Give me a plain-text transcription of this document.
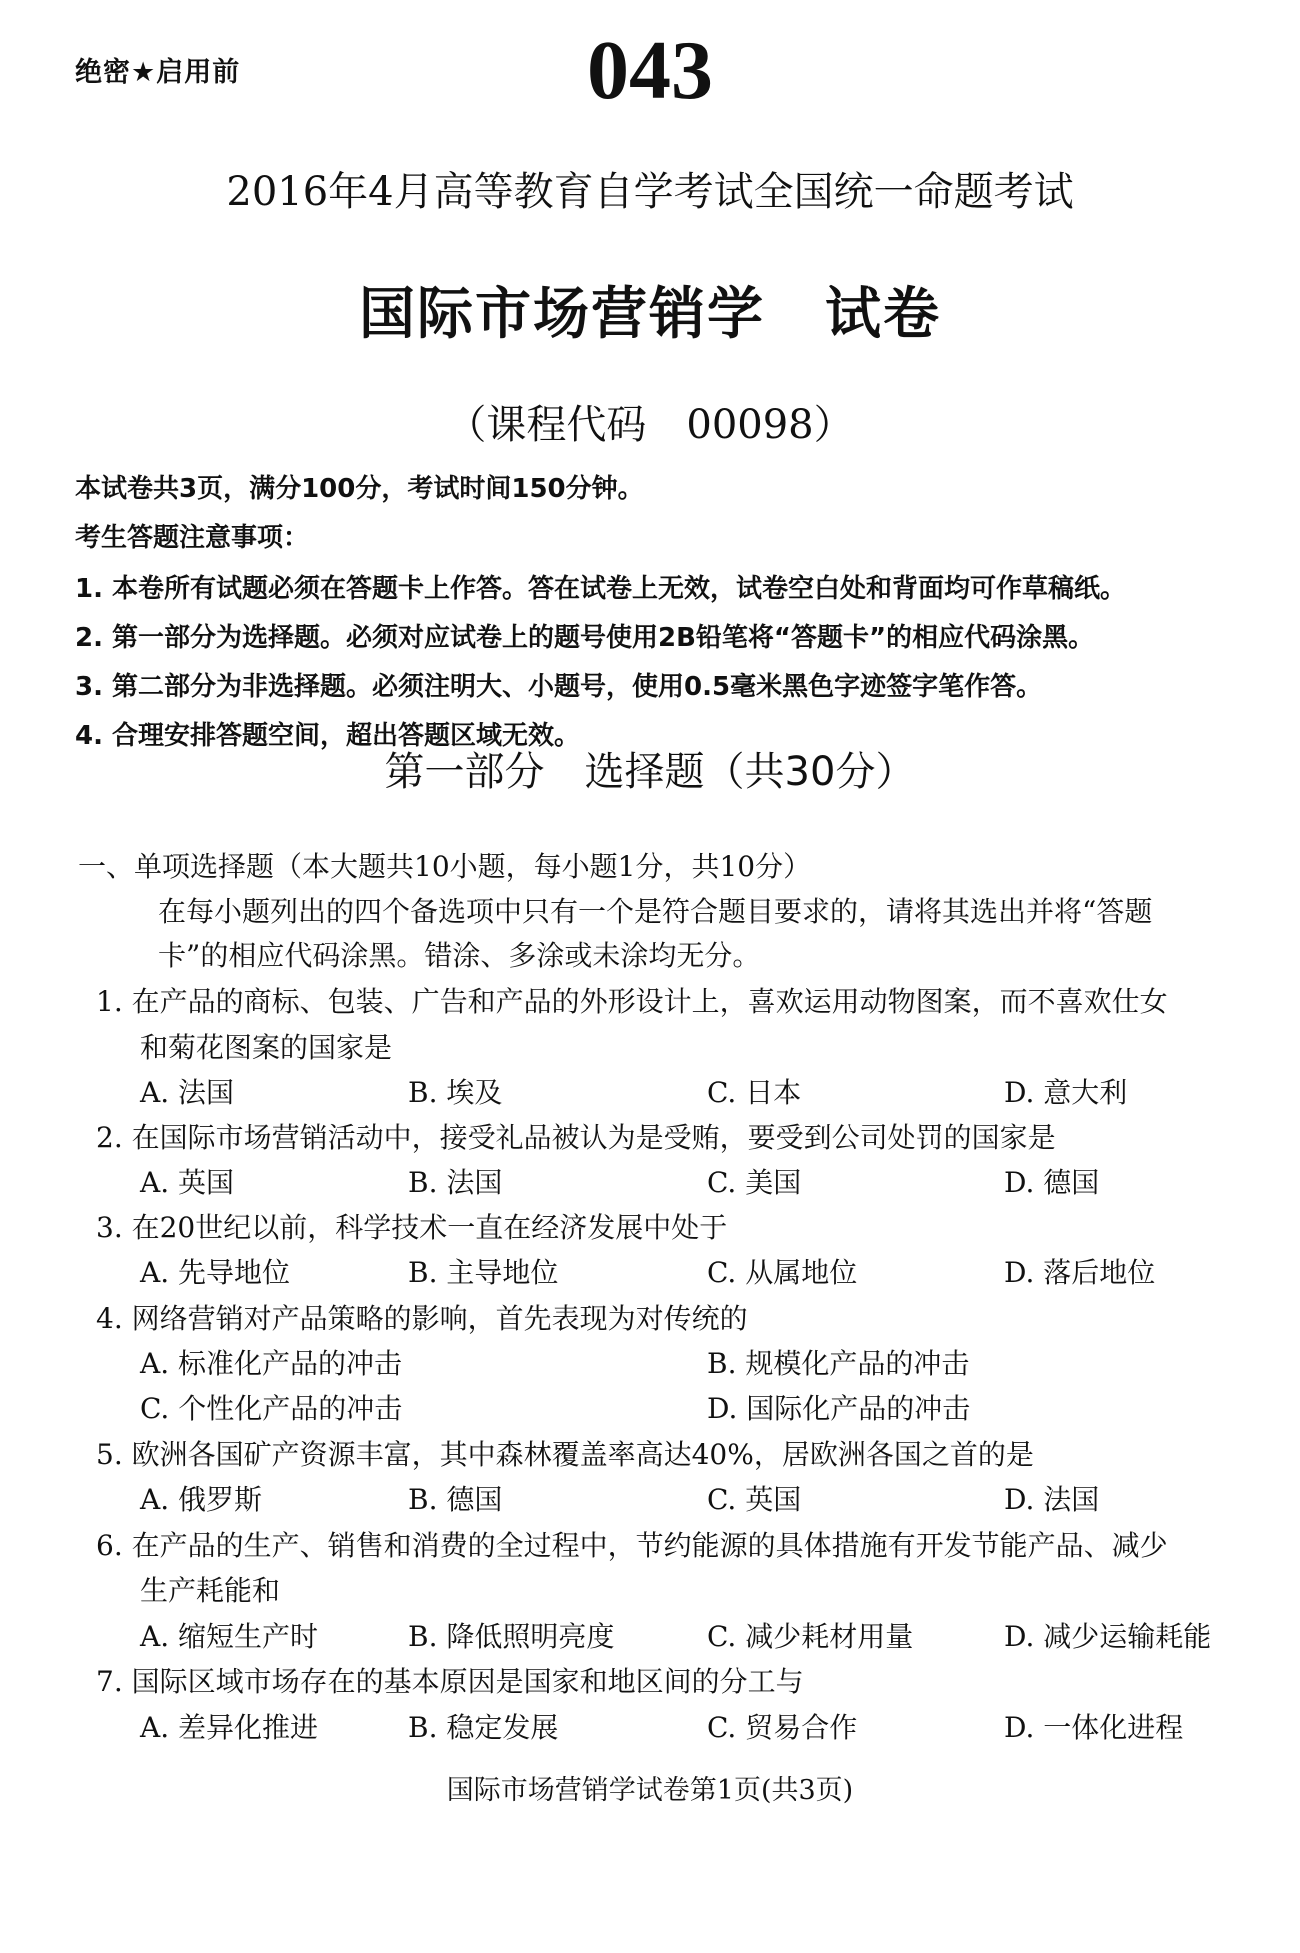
绝密★启用前	043
2016年4月高等教育自学考试全国统一命题考试
国际市场营销学 试卷
（课程代码 00098）
本试卷共3页，满分100分，考试时间150分钟。
考生答题注意事项：
1. 本卷所有试题必须在答题卡上作答。答在试卷上无效，试卷空白处和背面均可作草稿纸。
2. 第一部分为选择题。必须对应试卷上的题号使用2B铅笔将“答题卡”的相应代码涂黑。
3. 第二部分为非选择题。必须注明大、小题号，使用0.5毫米黑色字迹签字笔作答。
4. 合理安排答题空间，超出答题区域无效。
第一部分 选择题（共30分）
一、单项选择题（本大题共10小题，每小题1分，共10分）
在每小题列出的四个备选项中只有一个是符合题目要求的，请将其选出并将“答题
卡”的相应代码涂黑。错涂、多涂或未涂均无分。
1. 在产品的商标、包装、广告和产品的外形设计上，喜欢运用动物图案，而不喜欢仕女
和菊花图案的国家是
A. 法国	B. 埃及	C. 日本	D. 意大利
2. 在国际市场营销活动中，接受礼品被认为是受贿，要受到公司处罚的国家是
A. 英国	B. 法国	C. 美国	D. 德国
3. 在20世纪以前，科学技术一直在经济发展中处于
A. 先导地位	B. 主导地位	C. 从属地位	D. 落后地位
4. 网络营销对产品策略的影响，首先表现为对传统的
A. 标准化产品的冲击	B. 规模化产品的冲击
C. 个性化产品的冲击	D. 国际化产品的冲击
5. 欧洲各国矿产资源丰富，其中森林覆盖率高达40%，居欧洲各国之首的是
A. 俄罗斯	B. 德国	C. 英国	D. 法国
6. 在产品的生产、销售和消费的全过程中，节约能源的具体措施有开发节能产品、减少
生产耗能和
A. 缩短生产时	B. 降低照明亮度	C. 减少耗材用量	D. 减少运输耗能
7. 国际区域市场存在的基本原因是国家和地区间的分工与
A. 差异化推进	B. 稳定发展	C. 贸易合作	D. 一体化进程
国际市场营销学试卷第1页(共3页)
